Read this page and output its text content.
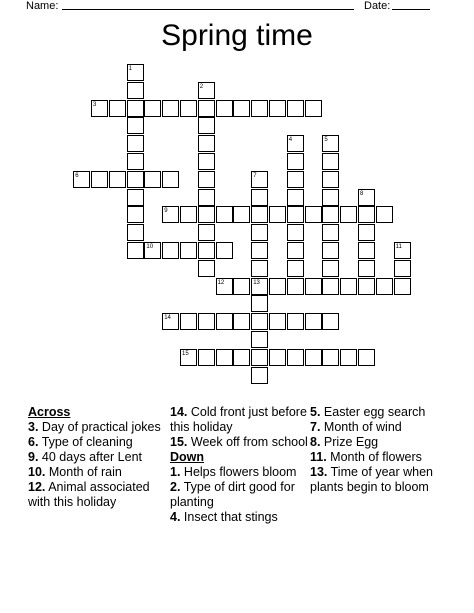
Name:	Date:
Spring time
1
2
3
4	5
6	7
13
8
9
10	11
12
14
15
Across
3. Day of practical jokes
6. Type of cleaning
9. 40 days after Lent
10. Month of rain
12. Animal associated with this holiday
14. Cold front just before this holiday
15. Week off from school
Down
1. Helps flowers bloom
2. Type of dirt good for planting
4. Insect that stings
5. Easter egg search
7. Month of wind
8. Prize Egg
11. Month of flowers
13. Time of year when plants begin to bloom
